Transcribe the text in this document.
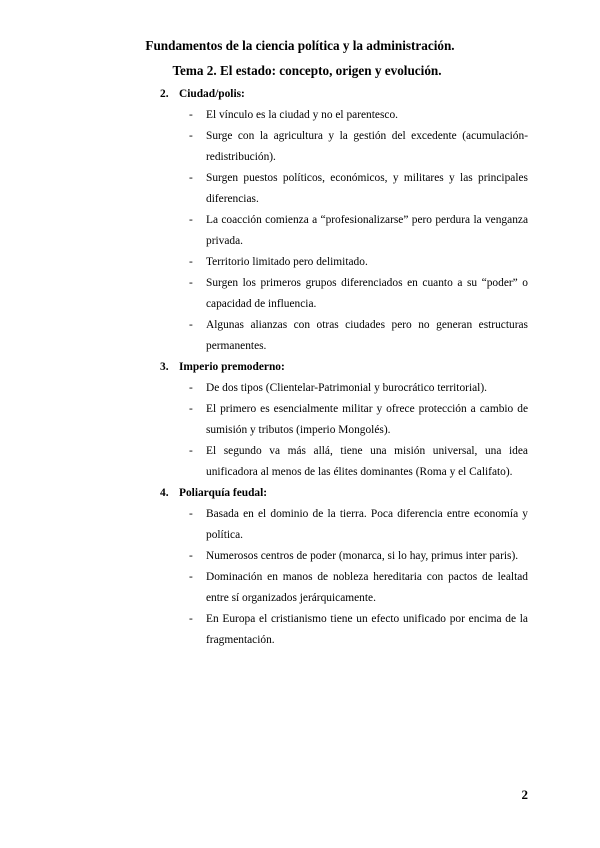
Fundamentos de la ciencia política y la administración.
Tema 2. El estado: concepto, origen y evolución.
2. Ciudad/polis:
- El vínculo es la ciudad y no el parentesco.
- Surge con la agricultura y la gestión del excedente (acumulación-redistribución).
- Surgen puestos políticos, económicos, y militares y las principales diferencias.
- La coacción comienza a “profesionalizarse” pero perdura la venganza privada.
- Territorio limitado pero delimitado.
- Surgen los primeros grupos diferenciados en cuanto a su “poder” o capacidad de influencia.
- Algunas alianzas con otras ciudades pero no generan estructuras permanentes.
3. Imperio premoderno:
- De dos tipos (Clientelar-Patrimonial y burocrático territorial).
- El primero es esencialmente militar y ofrece protección a cambio de sumisión y tributos (imperio Mongolés).
- El segundo va más allá, tiene una misión universal, una idea unificadora al menos de las élites dominantes (Roma y el Califato).
4. Poliarquía feudal:
- Basada en el dominio de la tierra. Poca diferencia entre economía y política.
- Numerosos centros de poder (monarca, si lo hay, primus inter paris).
- Dominación en manos de nobleza hereditaria con pactos de lealtad entre sí organizados jerárquicamente.
- En Europa el cristianismo tiene un efecto unificado por encima de la fragmentación.
2
